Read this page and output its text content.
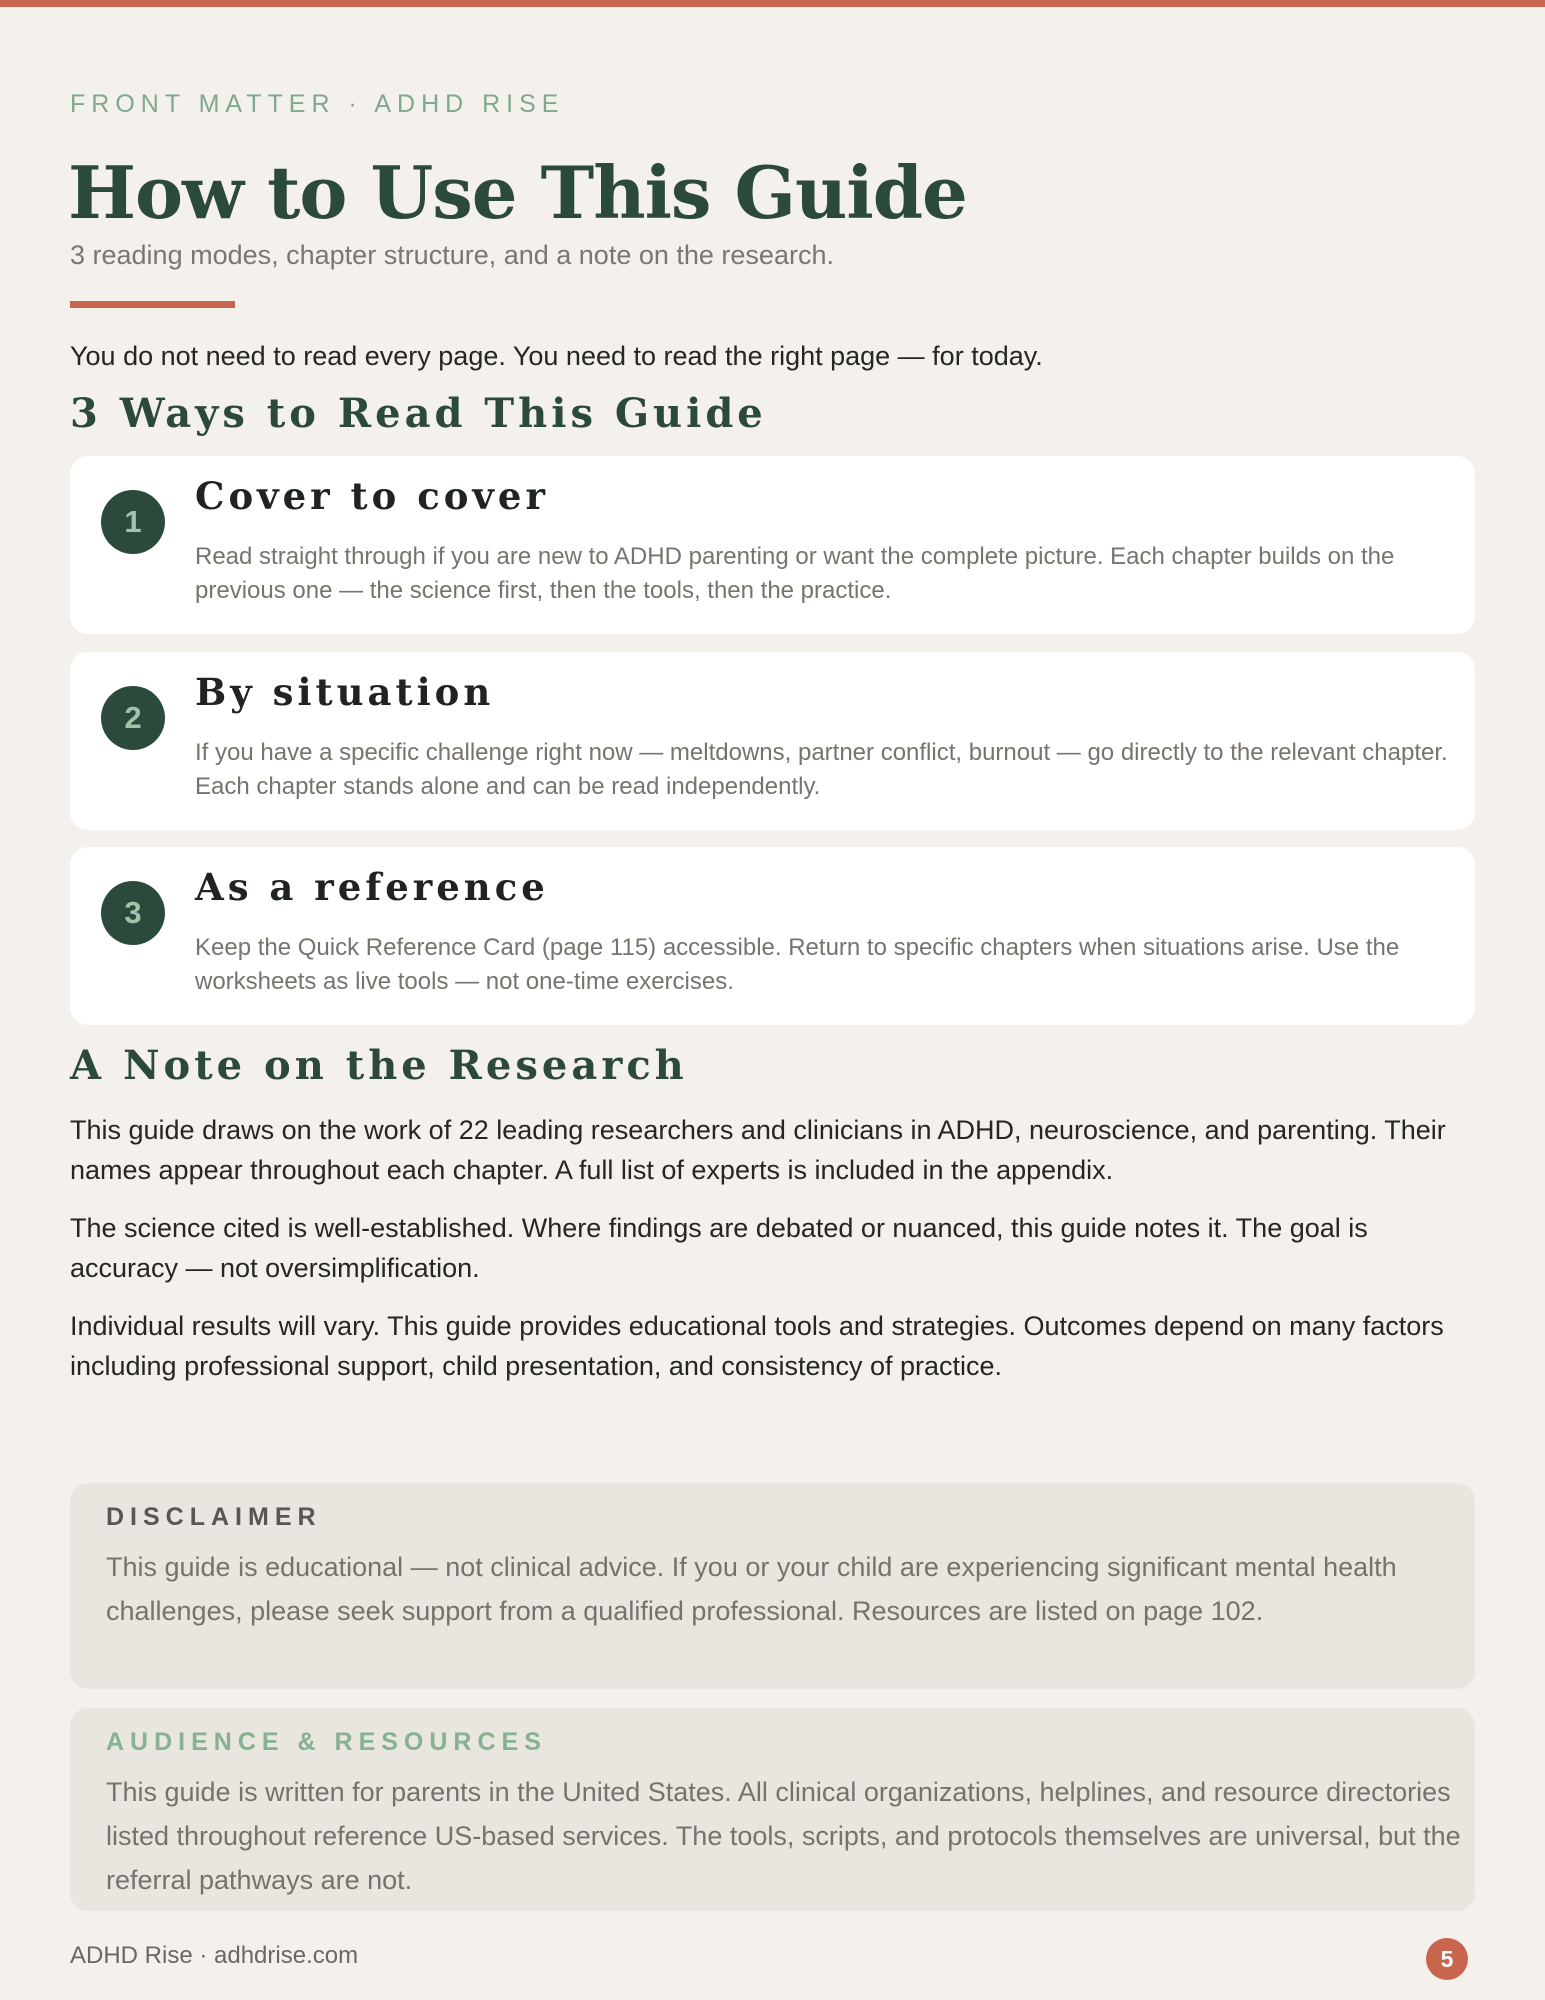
FRONT MATTER · ADHD RISE
How to Use This Guide
3 reading modes, chapter structure, and a note on the research.
You do not need to read every page. You need to read the right page — for today.
3 Ways to Read This Guide
1
Cover to cover
Read straight through if you are new to ADHD parenting or want the complete picture. Each chapter builds on the previous one — the science first, then the tools, then the practice.
2
By situation
If you have a specific challenge right now — meltdowns, partner conflict, burnout — go directly to the relevant chapter. Each chapter stands alone and can be read independently.
3
As a reference
Keep the Quick Reference Card (page 115) accessible. Return to specific chapters when situations arise. Use the worksheets as live tools — not one-time exercises.
A Note on the Research

This guide draws on the work of 22 leading researchers and clinicians in ADHD, neuroscience, and parenting. Their names appear throughout each chapter. A full list of experts is included in the appendix.

The science cited is well-established. Where findings are debated or nuanced, this guide notes it. The goal is accuracy — not oversimplification.

Individual results will vary. This guide provides educational tools and strategies. Outcomes depend on many factors including professional support, child presentation, and consistency of practice.

DISCLAIMER
This guide is educational — not clinical advice. If you or your child are experiencing significant mental health challenges, please seek support from a qualified professional. Resources are listed on page 102.
AUDIENCE & RESOURCES
This guide is written for parents in the United States. All clinical organizations, helplines, and resource directories listed throughout reference US-based services. The tools, scripts, and protocols themselves are universal, but the referral pathways are not.
ADHD Rise · adhdrise.com	5
